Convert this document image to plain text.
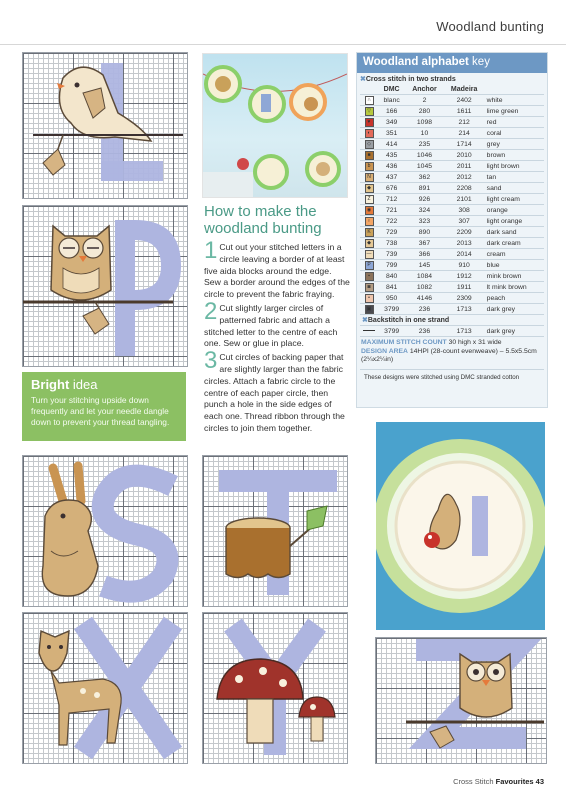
Woodland bunting
How to make the woodland bunting
1 Cut out your stitched letters in a circle leaving a border of at least five aida blocks around the edge. Sew a border around the edges of the circle to prevent the fabric fraying.
2 Cut slightly larger circles of patterned fabric and attach a stitched letter to the centre of each one. Sew or glue in place.
3 Cut circles of backing paper that are slightly larger than the fabric circles. Attach a fabric circle to the centre of each paper circle, then punch a hole in the side edges of each one. Thread ribbon through the circles to join them together.
Woodland alphabet key
✖Cross stitch in two strands
	DMC	Anchor	Madeira	
∩	blanc	2	2402	white
▽	166	280	1611	lime green
♥	349	1098	212	red
◐	351	10	214	coral
◇	414	235	1714	grey
■	435	1046	2010	brown
b	436	1045	2011	light brown
N	437	362	2012	tan
◆	676	891	2208	sand
Z	712	926	2101	light cream
◉	721	324	308	orange
♀	722	323	307	light orange
K	729	890	2209	dark sand
◆	738	367	2013	dark cream
—	739	366	2014	cream
P	799	145	910	blue
▪	840	1084	1912	mink brown
◙	841	1082	1911	lt mink brown
•	950	4146	2309	peach
▣	3799	236	1713	dark grey
✖Backstitch in one strand				
	3799	236	1713	dark grey
MAXIMUM STITCH COUNT 30 high x 31 wide
DESIGN AREA 14HPI (28-count evenweave) – 5.5x5.5cm (2¼x2¼in)
These designs were stitched using DMC stranded cotton
Bright idea
Turn your stitching upside down frequently and let your needle dangle down to prevent your thread tangling.
Cross Stitch Favourites 43
